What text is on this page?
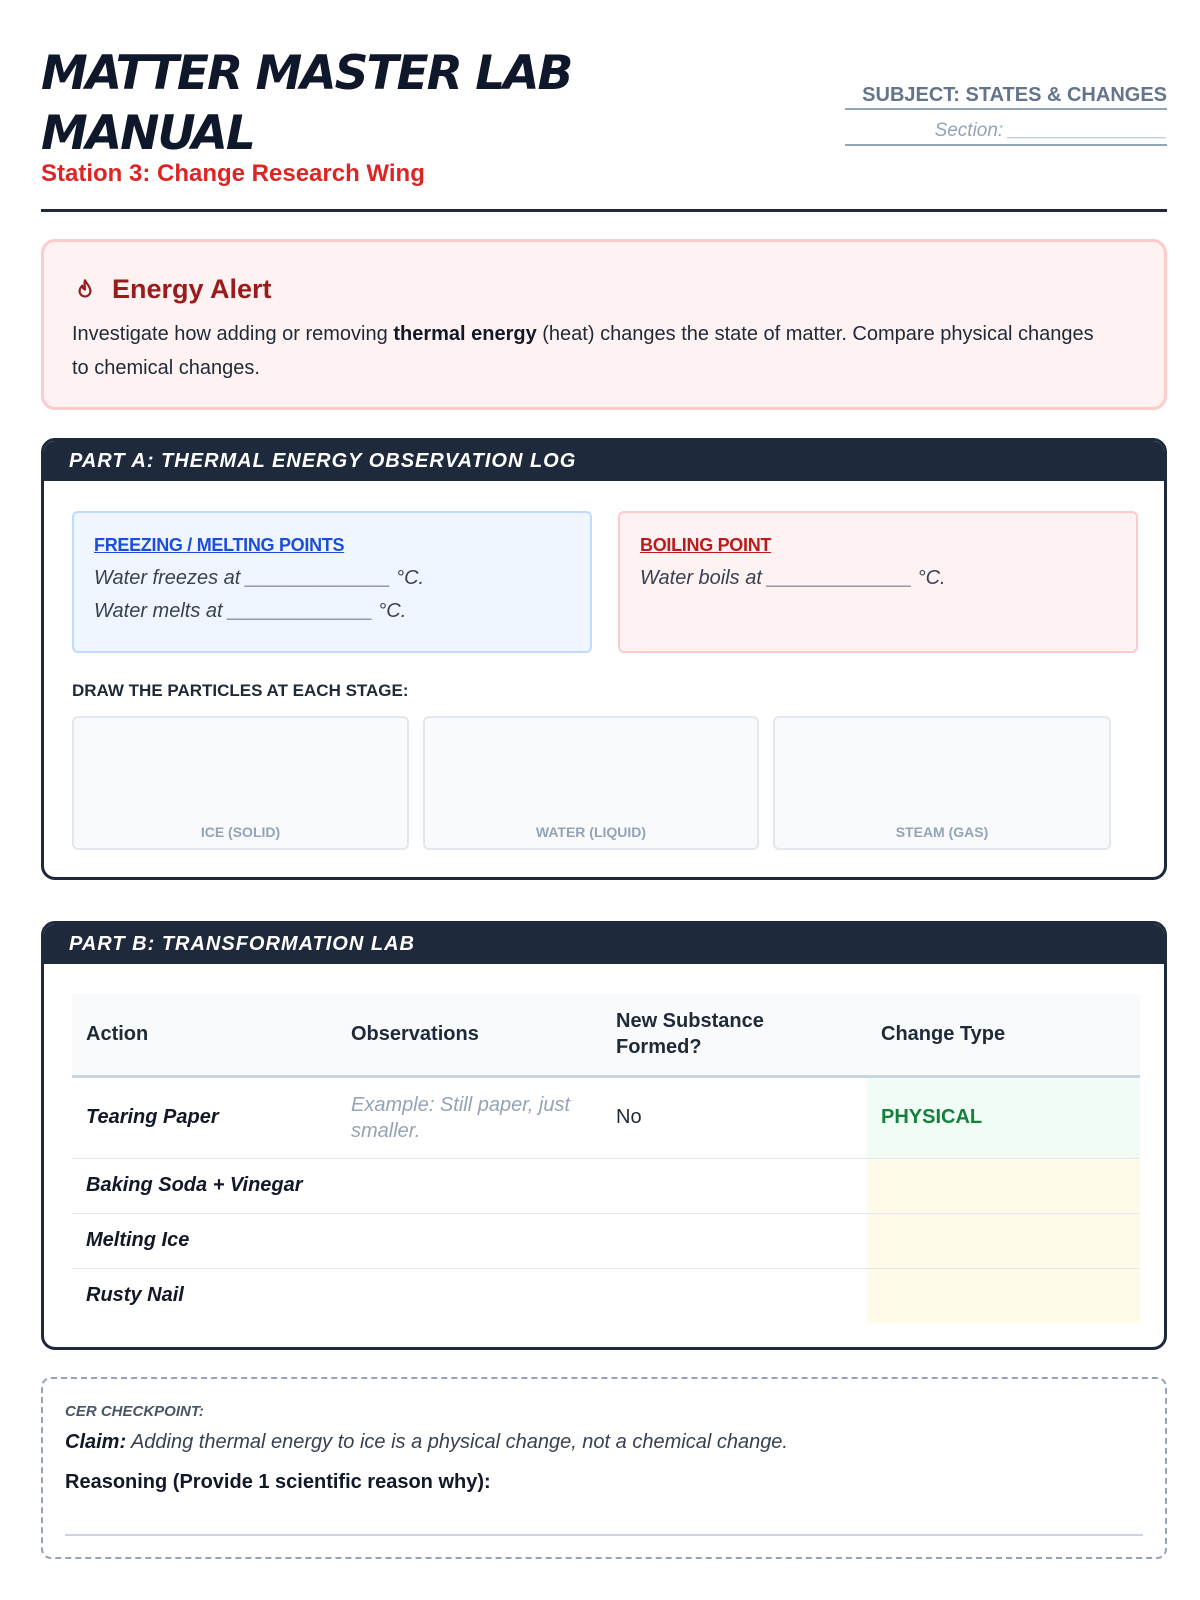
MATTER MASTER LAB MANUAL
Station 3: Change Research Wing
SUBJECT: STATES & CHANGES
Section: _______________
Energy Alert
Investigate how adding or removing thermal energy (heat) changes the state of matter. Compare physical changes to chemical changes.
PART A: THERMAL ENERGY OBSERVATION LOG
FREEZING / MELTING POINTS
Water freezes at _____________ °C.
Water melts at _____________ °C.
BOILING POINT
Water boils at _____________ °C.
DRAW THE PARTICLES AT EACH STAGE:
ICE (SOLID)	WATER (LIQUID)	STEAM (GAS)
PART B: TRANSFORMATION LAB
Action	Observations	New Substance Formed?	Change Type
Tearing Paper	Example: Still paper, just smaller.	No	PHYSICAL
Baking Soda + Vinegar			
Melting Ice			
Rusty Nail			
CER CHECKPOINT:
Claim: Adding thermal energy to ice is a physical change, not a chemical change.
Reasoning (Provide 1 scientific reason why):
